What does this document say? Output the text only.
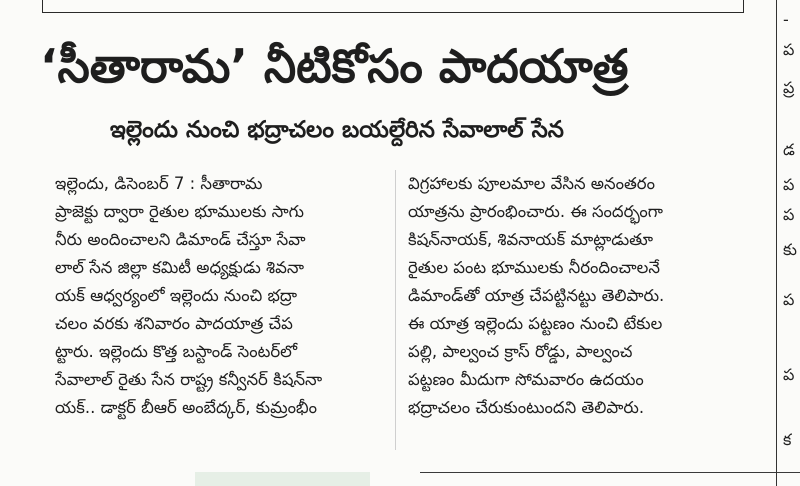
‘సీతారామ’ నీటికోసం పాదయాత్ర
ఇల్లెందు నుంచి భద్రాచలం బయల్దేరిన సేవాలాల్ సేన
ఇల్లెందు, డిసెంబర్ 7 : సీతారామ
ప్రాజెక్టు ద్వారా రైతుల భూములకు సాగు
నీరు అందించాలని డిమాండ్ చేస్తూ సేవా
లాల్ సేన జిల్లా కమిటీ అధ్యక్షుడు శివనా
యక్ ఆధ్వర్యంలో ఇల్లెందు నుంచి భద్రా
చలం వరకు శనివారం పాదయాత్ర చేప
ట్టారు. ఇల్లెందు కొత్త బస్టాండ్ సెంటర్‌లో
సేవాలాల్ రైతు సేన రాష్ట్ర కన్వీనర్ కిషన్‌నా
యక్.. డాక్టర్ బీఆర్ అంబేద్కర్, కుమ్రంభీం
విగ్రహాలకు పూలమాల వేసిన అనంతరం
యాత్రను ప్రారంభించారు. ఈ సందర్భంగా
కిషన్‌నాయక్, శివనాయక్ మాట్లాడుతూ
రైతుల పంట భూములకు నీరందించాలనే
డిమాండ్‌తో యాత్ర చేపట్టినట్టు తెలిపారు.
ఈ యాత్ర ఇల్లెందు పట్టణం నుంచి టేకుల
పల్లి, పాల్వంచ క్రాస్ రోడ్డు, పాల్వంచ
పట్టణం మీదుగా సోమవారం ఉదయం
భద్రాచలం చేరుకుంటుందని తెలిపారు.
-
ప
ప్ర
డ
ప
ప
కు
ప
ప
క
